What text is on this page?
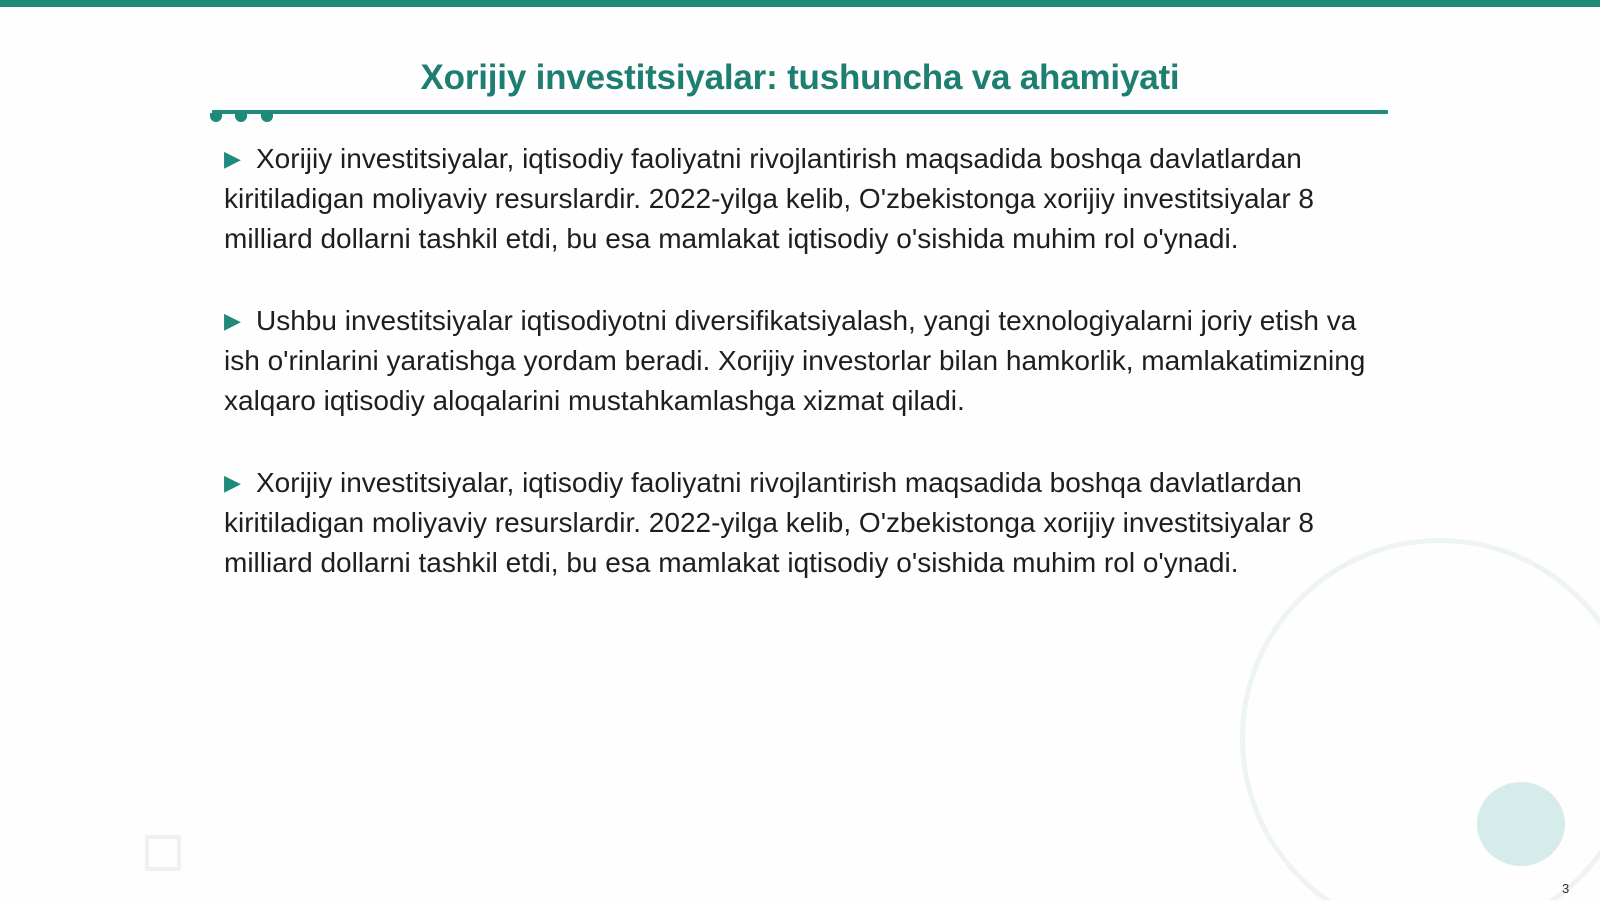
Xorijiy investitsiyalar: tushuncha va ahamiyati

▶ Xorijiy investitsiyalar, iqtisodiy faoliyatni rivojlantirish maqsadida boshqa davlatlardan kiritiladigan moliyaviy resurslardir. 2022-yilga kelib, O'zbekistonga xorijiy investitsiyalar 8 milliard dollarni tashkil etdi, bu esa mamlakat iqtisodiy o'sishida muhim rol o'ynadi.

▶ Ushbu investitsiyalar iqtisodiyotni diversifikatsiyalash, yangi texnologiyalarni joriy etish va ish o'rinlarini yaratishga yordam beradi. Xorijiy investorlar bilan hamkorlik, mamlakatimizning xalqaro iqtisodiy aloqalarini mustahkamlashga xizmat qiladi.

▶ Xorijiy investitsiyalar, iqtisodiy faoliyatni rivojlantirish maqsadida boshqa davlatlardan kiritiladigan moliyaviy resurslardir. 2022-yilga kelib, O'zbekistonga xorijiy investitsiyalar 8 milliard dollarni tashkil etdi, bu esa mamlakat iqtisodiy o'sishida muhim rol o'ynadi.

3
